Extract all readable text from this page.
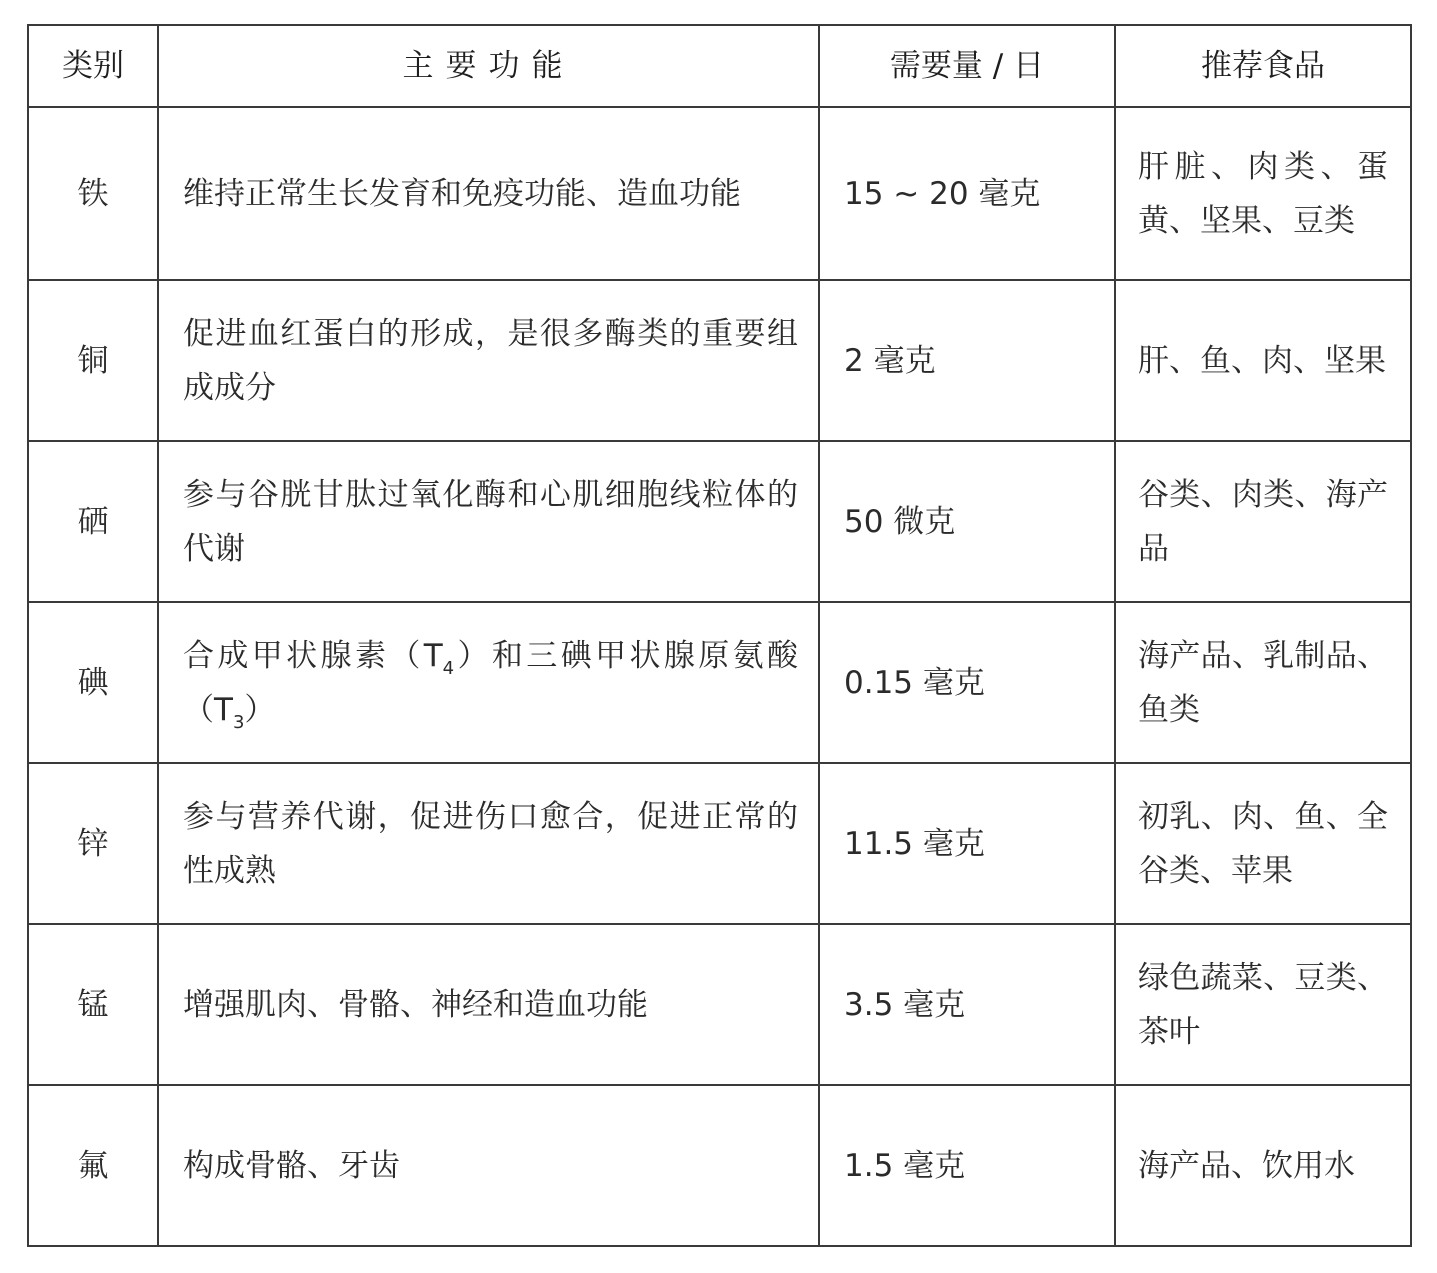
类别	主要功能	需要量 / 日	推荐食品
铁	维持正常生长发育和免疫功能、造血功能	15 ~ 20 毫克	肝脏、肉类、蛋黄、坚果、豆类
铜	促进血红蛋白的形成，是很多酶类的重要组成成分	2 毫克	肝、鱼、肉、坚果
硒	参与谷胱甘肽过氧化酶和心肌细胞线粒体的代谢	50 微克	谷类、肉类、海产品
碘	合成甲状腺素$(T_4)$和三碘甲状腺原氨酸$(T_3)$	0.15 毫克	海产品、乳制品、鱼类
锌	参与营养代谢，促进伤口愈合，促进正常的性成熟	11.5 毫克	初乳、肉、鱼、全谷类、苹果
锰	增强肌肉、骨骼、神经和造血功能	3.5 毫克	绿色蔬菜、豆类、茶叶
氟	构成骨骼、牙齿	1.5 毫克	海产品、饮用水
